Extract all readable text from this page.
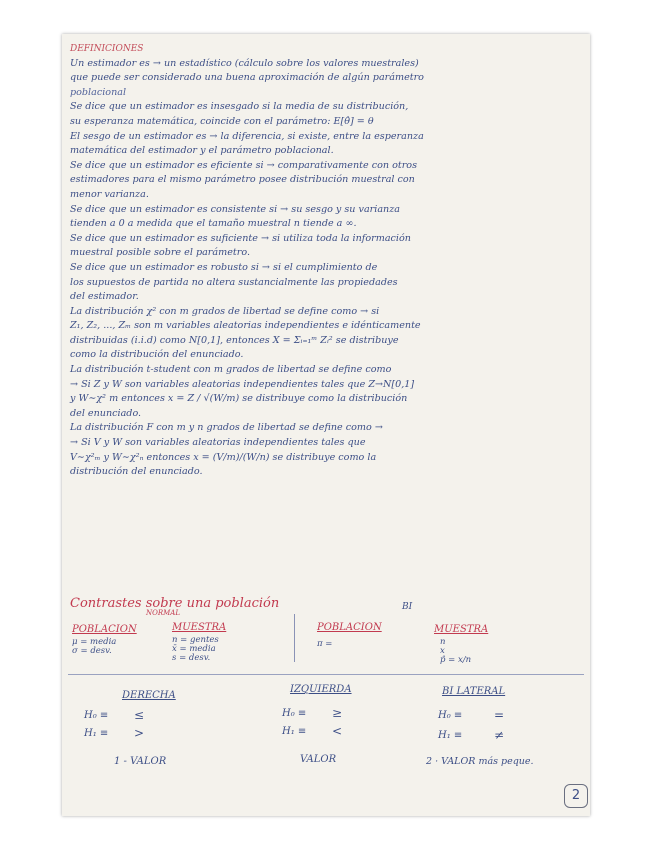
DEFINICIONES

Un estimador es → un estadístico (cálculo sobre los valores muestrales)

que puede ser considerado una buena aproximación de algún parámetro

poblacional

Se dice que un estimador es insesgado si la media de su distribución,

su esperanza matemática, coincide con el parámetro: E[θ̂] = θ

El sesgo de un estimador es → la diferencia, si existe, entre la esperanza

matemática del estimador y el parámetro poblacional.

Se dice que un estimador es eficiente si → comparativamente con otros

estimadores para el mismo parámetro posee distribución muestral con

menor varianza.

Se dice que un estimador es consistente si → su sesgo y su varianza

tienden a 0 a medida que el tamaño muestral n tiende a ∞.

Se dice que un estimador es suficiente → si utiliza toda la información

muestral posible sobre el parámetro.

Se dice que un estimador es robusto si → si el cumplimiento de

los supuestos de partida no altera sustancialmente las propiedades

del estimador.

La distribución χ² con m grados de libertad se define como → si

Z₁, Z₂, ..., Zₘ son m variables aleatorias independientes e idénticamente

distribuidas (i.i.d) como N[0,1], entonces X = Σᵢ₌₁ᵐ Zᵢ² se distribuye

como la distribución del enunciado.

La distribución t-student con m grados de libertad se define como

→ Si Z y W son variables aleatorias independientes tales que Z→N[0,1]

y W∼χ² m entonces x = Z / √(W/m) se distribuye como la distribución

del enunciado.

La distribución F con m y n grados de libertad se define como →

→ Si V y W son variables aleatorias independientes tales que

V∼χ²ₘ y W∼χ²ₙ entonces x = (V/m)/(W/n) se distribuye como la

distribución del enunciado.

Contrastes sobre una población
NORMAL
BI
POBLACION
μ = media
σ = desv.
MUESTRA
n = gentes
x̄ = media
s = desv.
POBLACION
π =
MUESTRA
n
x
p̂ = x/n
DERECHA
H₀ ≡ ≤
H₁ ≡ >
1 - VALOR
IZQUIERDA
H₀ ≡ ≥
H₁ ≡ <
VALOR
BI LATERAL
H₀ ≡	=
H₁ ≡	≠
2 · VALOR más peque.
2
